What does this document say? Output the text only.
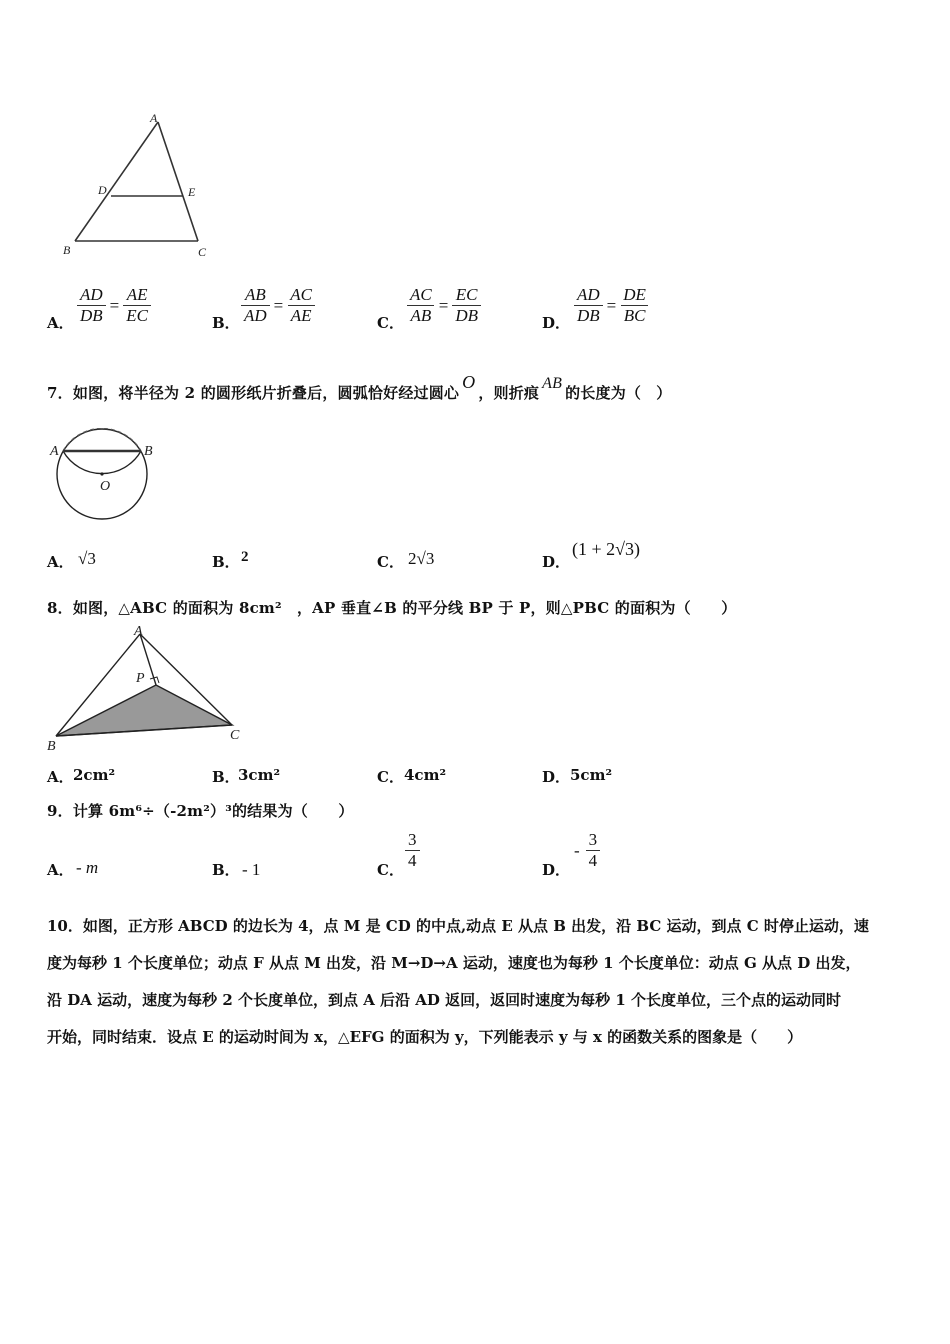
A
D	E
B	C
A． $\frac{AD}{DB} = \frac{AE}{EC}$	B． $\frac{AB}{AD} = \frac{AC}{AE}$	C． $\frac{AC}{AB} = \frac{EC}{DB}$	D． $\frac{AD}{DB} = \frac{DE}{BC}$
7．如图，将半径为 2 的圆形纸片折叠后，圆弧恰好经过圆心O，则折痕AB的长度为（　）
A	B
O
A． √3	B． 2	C． 2√3	D．
(1 + 2√3)
8．如图，△ABC 的面积为 8cm²　，AP 垂直∠B 的平分线 BP 于 P，则△PBC 的面积为（　　）
A
P
B
C
A． 2cm²	B．
3cm²	C． 4cm²	D． 5cm²
9．计算 6m⁶÷（-2m²）³的结果为（　　）
A． - m	B． - 1	C． $\frac{3}{4}$	D．
- $\frac{3}{4}$
10．如图，正方形 ABCD 的边长为 4，点 M 是 CD 的中点,动点 E 从点 B 出发，沿 BC 运动，到点 C 时停止运动，速
度为每秒 1 个长度单位；动点 F 从点 M 出发，沿 M→D→A 运动，速度也为每秒 1 个长度单位：动点 G 从点 D 出发，
沿 DA 运动，速度为每秒 2 个长度单位，到点 A 后沿 AD 返回，返回时速度为每秒 1 个长度单位，三个点的运动同时
开始，同时结束．设点 E 的运动时间为 x，△EFG 的面积为 y，下列能表示 y 与 x 的函数关系的图象是（　　）
